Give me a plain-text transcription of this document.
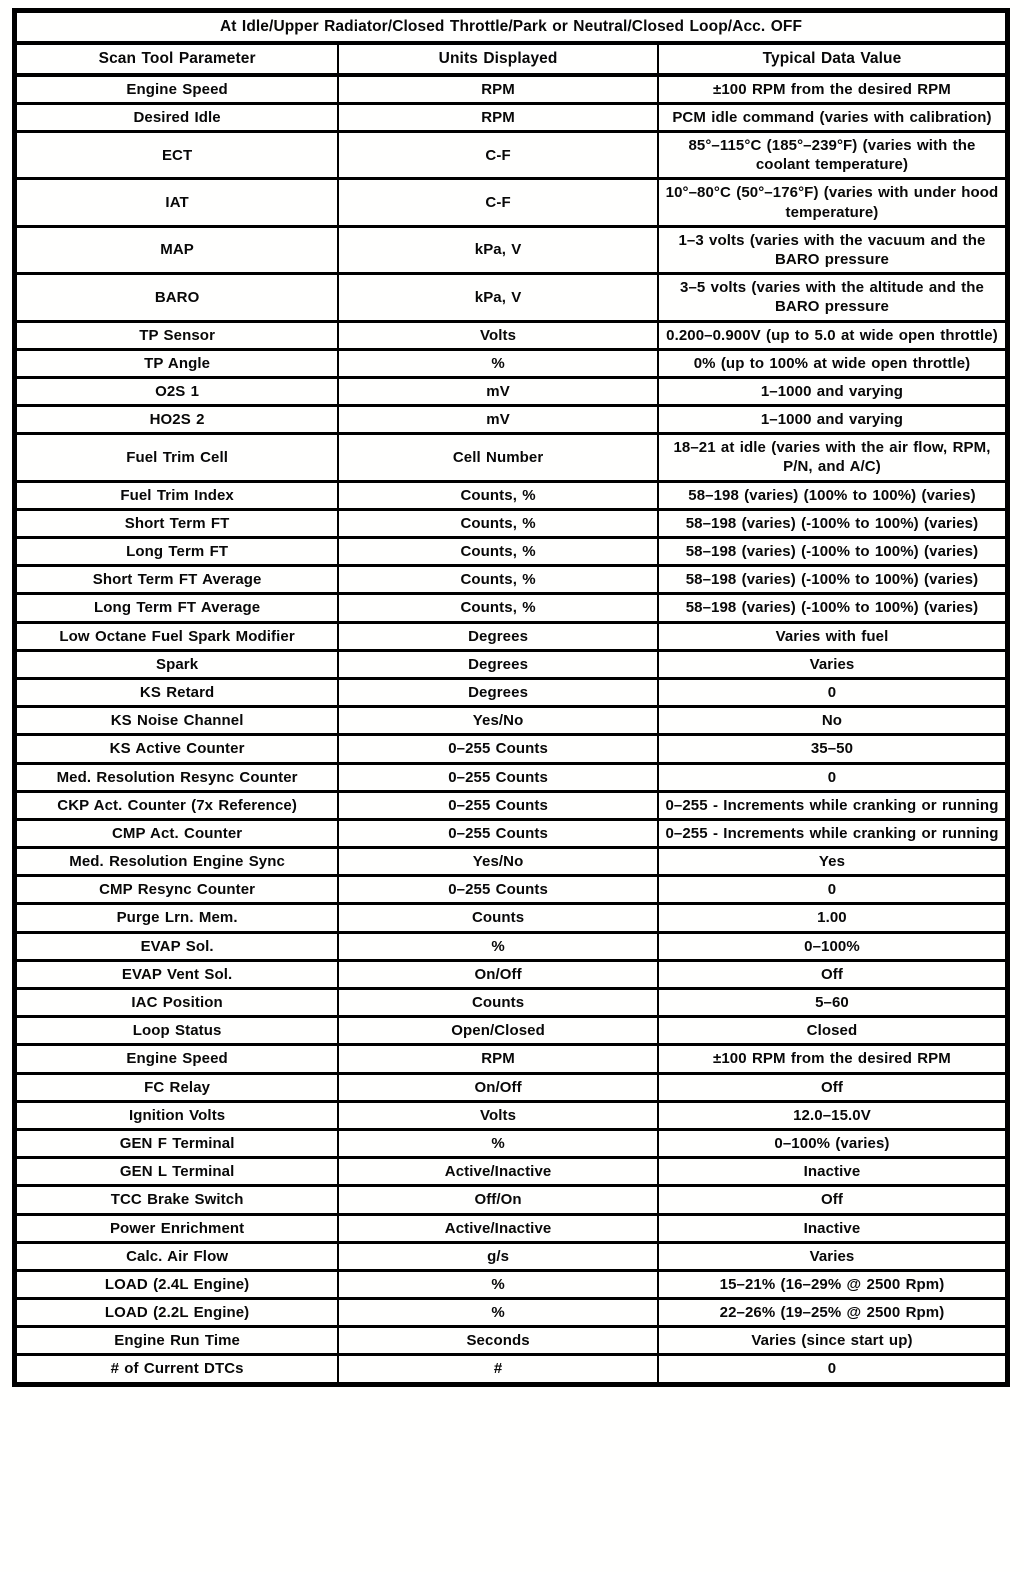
At Idle/Upper Radiator/Closed Throttle/Park or Neutral/Closed Loop/Acc. OFF		
Scan Tool Parameter	Units Displayed	Typical Data Value
Engine Speed	RPM	±100 RPM from the desired RPM
Desired Idle	RPM	PCM idle command (varies with calibration)
ECT	C-F	85°–115°C (185°–239°F) (varies with the coolant temperature)
IAT	C-F	10°–80°C (50°–176°F) (varies with under hood temperature)
MAP	kPa, V	1–3 volts (varies with the vacuum and the BARO pressure
BARO	kPa, V	3–5 volts (varies with the altitude and the BARO pressure
TP Sensor	Volts	0.200–0.900V (up to 5.0 at wide open throttle)
TP Angle	%	0% (up to 100% at wide open throttle)
O2S 1	mV	1–1000 and varying
HO2S 2	mV	1–1000 and varying
Fuel Trim Cell	Cell Number	18–21 at idle (varies with the air flow, RPM, P/N, and A/C)
Fuel Trim Index	Counts, %	58–198 (varies) (100% to 100%) (varies)
Short Term FT	Counts, %	58–198 (varies) (-100% to 100%) (varies)
Long Term FT	Counts, %	58–198 (varies) (-100% to 100%) (varies)
Short Term FT Average	Counts, %	58–198 (varies) (-100% to 100%) (varies)
Long Term FT Average	Counts, %	58–198 (varies) (-100% to 100%) (varies)
Low Octane Fuel Spark Modifier	Degrees	Varies with fuel
Spark	Degrees	Varies
KS Retard	Degrees	0
KS Noise Channel	Yes/No	No
KS Active Counter	0–255 Counts	35–50
Med. Resolution Resync Counter	0–255 Counts	0
CKP Act. Counter (7x Reference)	0–255 Counts	0–255 - Increments while cranking or running
CMP Act. Counter	0–255 Counts	0–255 - Increments while cranking or running
Med. Resolution Engine Sync	Yes/No	Yes
CMP Resync Counter	0–255 Counts	0
Purge Lrn. Mem.	Counts	1.00
EVAP Sol.	%	0–100%
EVAP Vent Sol.	On/Off	Off
IAC Position	Counts	5–60
Loop Status	Open/Closed	Closed
Engine Speed	RPM	±100 RPM from the desired RPM
FC Relay	On/Off	Off
Ignition Volts	Volts	12.0–15.0V
GEN F Terminal	%	0–100% (varies)
GEN L Terminal	Active/Inactive	Inactive
TCC Brake Switch	Off/On	Off
Power Enrichment	Active/Inactive	Inactive
Calc. Air Flow	g/s	Varies
LOAD (2.4L Engine)	%	15–21% (16–29% @ 2500 Rpm)
LOAD (2.2L Engine)	%	22–26% (19–25% @ 2500 Rpm)
Engine Run Time	Seconds	Varies (since start up)
# of Current DTCs	#	0
